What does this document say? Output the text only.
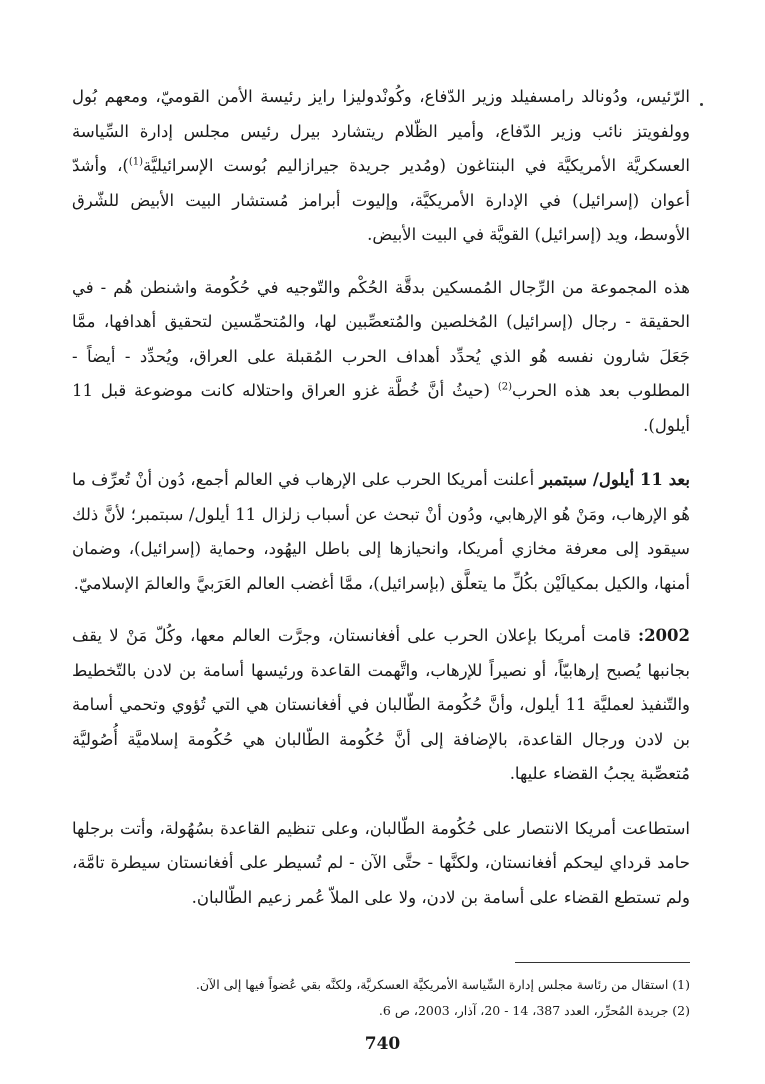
الرّئيس، ودُونالد رامسفيلد وزير الدّفاع، وكُونْدوليزا رايز رئيسة الأمن القوميّ، ومعهم بُول وولفويتز نائب وزير الدّفاع، وأمير الظّلام ريتشارد بيرل رئيس مجلس إدارة السِّياسة العسكريَّة الأمريكيَّة في البنتاغون (ومُدير جريدة جيرازاليم بُوست الإسرائيليَّة$^{(1)}$)، وأشدّ أعوان (إسرائيل) في الإدارة الأمريكيَّة، وإليوت أبرامز مُستشار البيت الأبيض للشّرق الأوسط، ويد (إسرائيل) القويَّة في البيت الأبيض.

هذه المجموعة من الرِّجال المُمسكين بدقَّة الحُكْم والتّوجيه في حُكُومة واشنطن هُم - في الحقيقة - رجال (إسرائيل) المُخلصين والمُتعصِّبين لها، والمُتحمِّسين لتحقيق أهدافها، ممَّا جَعَلَ شارون نفسه هُو الذي يُحدِّد أهداف الحرب المُقبلة على العراق، ويُحدِّد - أيضاً - المطلوب بعد هذه الحرب$^{(2)}$ (حيثُ أنَّ خُطَّة غزو العراق واحتلاله كانت موضوعة قبل 11 أيلول).

بعد 11 أيلول/ سبتمبر أعلنت أمريكا الحرب على الإرهاب في العالم أجمع، دُون أنْ تُعرِّف ما هُو الإرهاب، ومَنْ هُو الإرهابي، ودُون أنْ تبحث عن أسباب زلزال 11 أيلول/ سبتمبر؛ لأنَّ ذلك سيقود إلى معرفة مخازي أمريكا، وانحيازها إلى باطل اليهُود، وحماية (إسرائيل)، وضمان أمنها، والكيل بمكيالَيْن بكُلِّ ما يتعلَّق (بإسرائيل)، ممَّا أغضب العالم العَرَبيَّ والعالمَ الإسلاميّ.

2002: قامت أمريكا بإعلان الحرب على أفغانستان، وجرَّت العالم معها، وكُلّ مَنْ لا يقف بجانبها يُصبح إرهابيّاً، أو نصيراً للإرهاب، واتَّهمت القاعدة ورئيسها أسامة بن لادن بالتّخطيط والتّنفيذ لعمليَّة 11 أيلول، وأنَّ حُكُومة الطّالبان في أفغانستان هي التي تُؤوي وتحمي أسامة بن لادن ورجال القاعدة، بالإضافة إلى أنَّ حُكُومة الطّالبان هي حُكُومة إسلاميَّة أُصُوليَّة مُتعصِّبة يجبُ القضاء عليها.

استطاعت أمريكا الانتصار على حُكُومة الطّالبان، وعلى تنظيم القاعدة بسُهُولة، وأتت برجلها حامد قرداي ليحكم أفغانستان، ولكنَّها - حتَّى الآن - لم تُسيطر على أفغانستان سيطرة تامَّة، ولم تستطع القضاء على أسامة بن لادن، ولا على الملاّ عُمر زعيم الطّالبان.

(1) استقال من رئاسة مجلس إدارة السِّياسة الأمريكيَّة العسكريَّة، ولكنَّه بقي عُضواً فيها إلى الآن.

(2) جريدة المُحرِّر، العدد 387، 14 - 20، آذار، 2003، ص 6.

740
